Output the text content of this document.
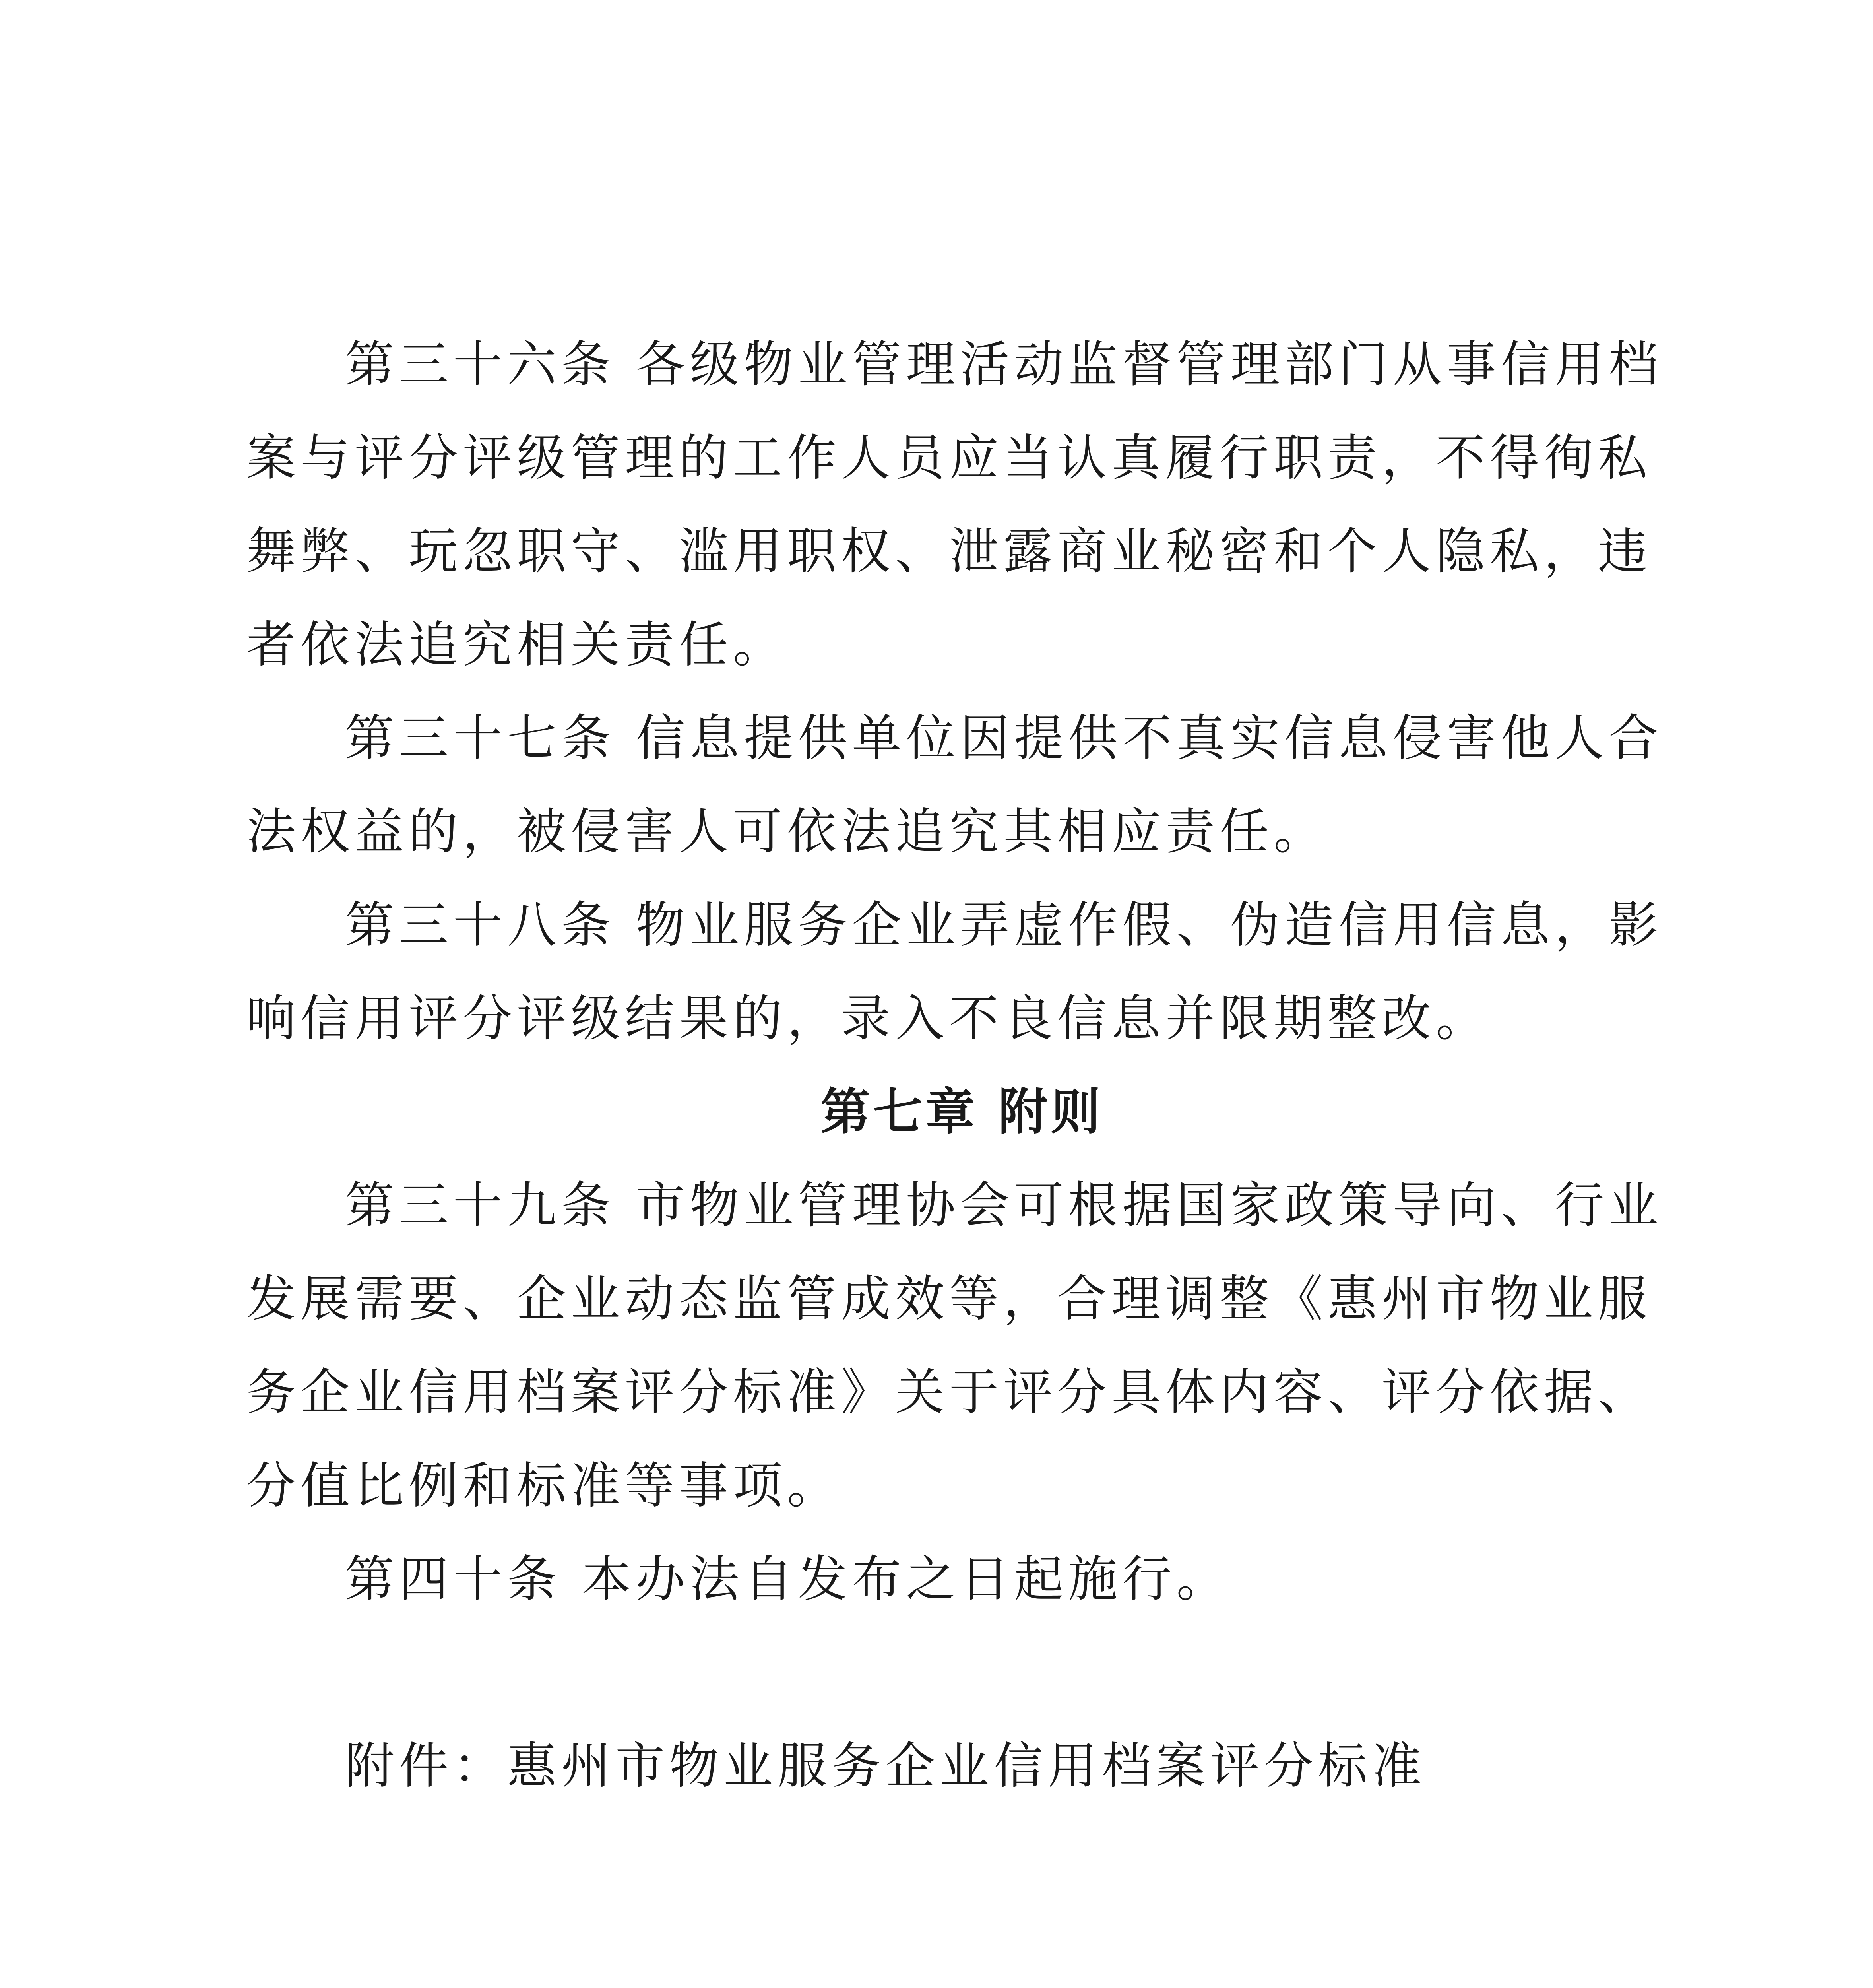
第三十六条 各级物业管理活动监督管理部门从事信用档案与评分评级管理的工作人员应当认真履行职责，不得徇私舞弊、玩忽职守、滥用职权、泄露商业秘密和个人隐私，违者依法追究相关责任。

第三十七条 信息提供单位因提供不真实信息侵害他人合法权益的，被侵害人可依法追究其相应责任。

第三十八条 物业服务企业弄虚作假、伪造信用信息，影响信用评分评级结果的，录入不良信息并限期整改。

第七章 附则

第三十九条 市物业管理协会可根据国家政策导向、行业发展需要、企业动态监管成效等，合理调整《惠州市物业服务企业信用档案评分标准》关于评分具体内容、评分依据、分值比例和标准等事项。

第四十条 本办法自发布之日起施行。

附件：惠州市物业服务企业信用档案评分标准
